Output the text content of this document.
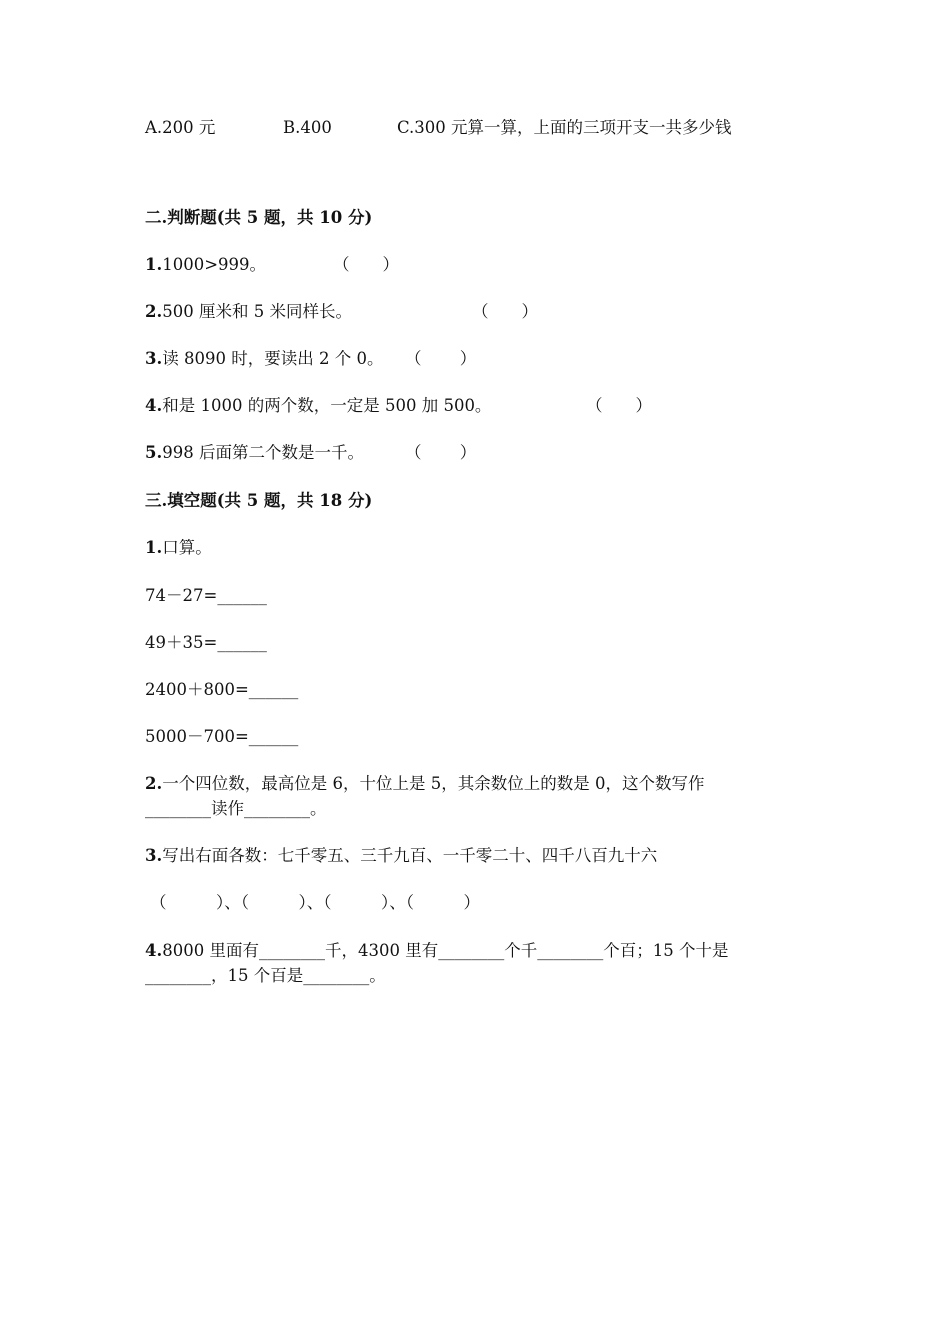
A.200 元	B.400	C.300 元算一算，上面的三项开支一共多少钱
二.判断题(共 5 题，共 10 分)
1.1000>999。	（　　）
2.500 厘米和 5 米同样长。	（　　）
3.读 8090 时，要读出 2 个 0。 （　　 ）
4.和是 1000 的两个数，一定是 500 加 500。	（　　）
5.998 后面第二个数是一千。 （　　 ）
三.填空题(共 5 题，共 18 分)
1.口算。
74－27=______
49＋35=______
2400＋800=______
5000－700=______
2.一个四位数，最高位是 6，十位上是 5，其余数位上的数是 0，这个数写作
________读作________。
3.写出右面各数：七千零五、三千九百、一千零二十、四千八百九十六
（　　　）、（　　　）、（　　　）、（　　　）
4.8000 里面有________千，4300 里有________个千________个百；15 个十是
________，15 个百是________。
